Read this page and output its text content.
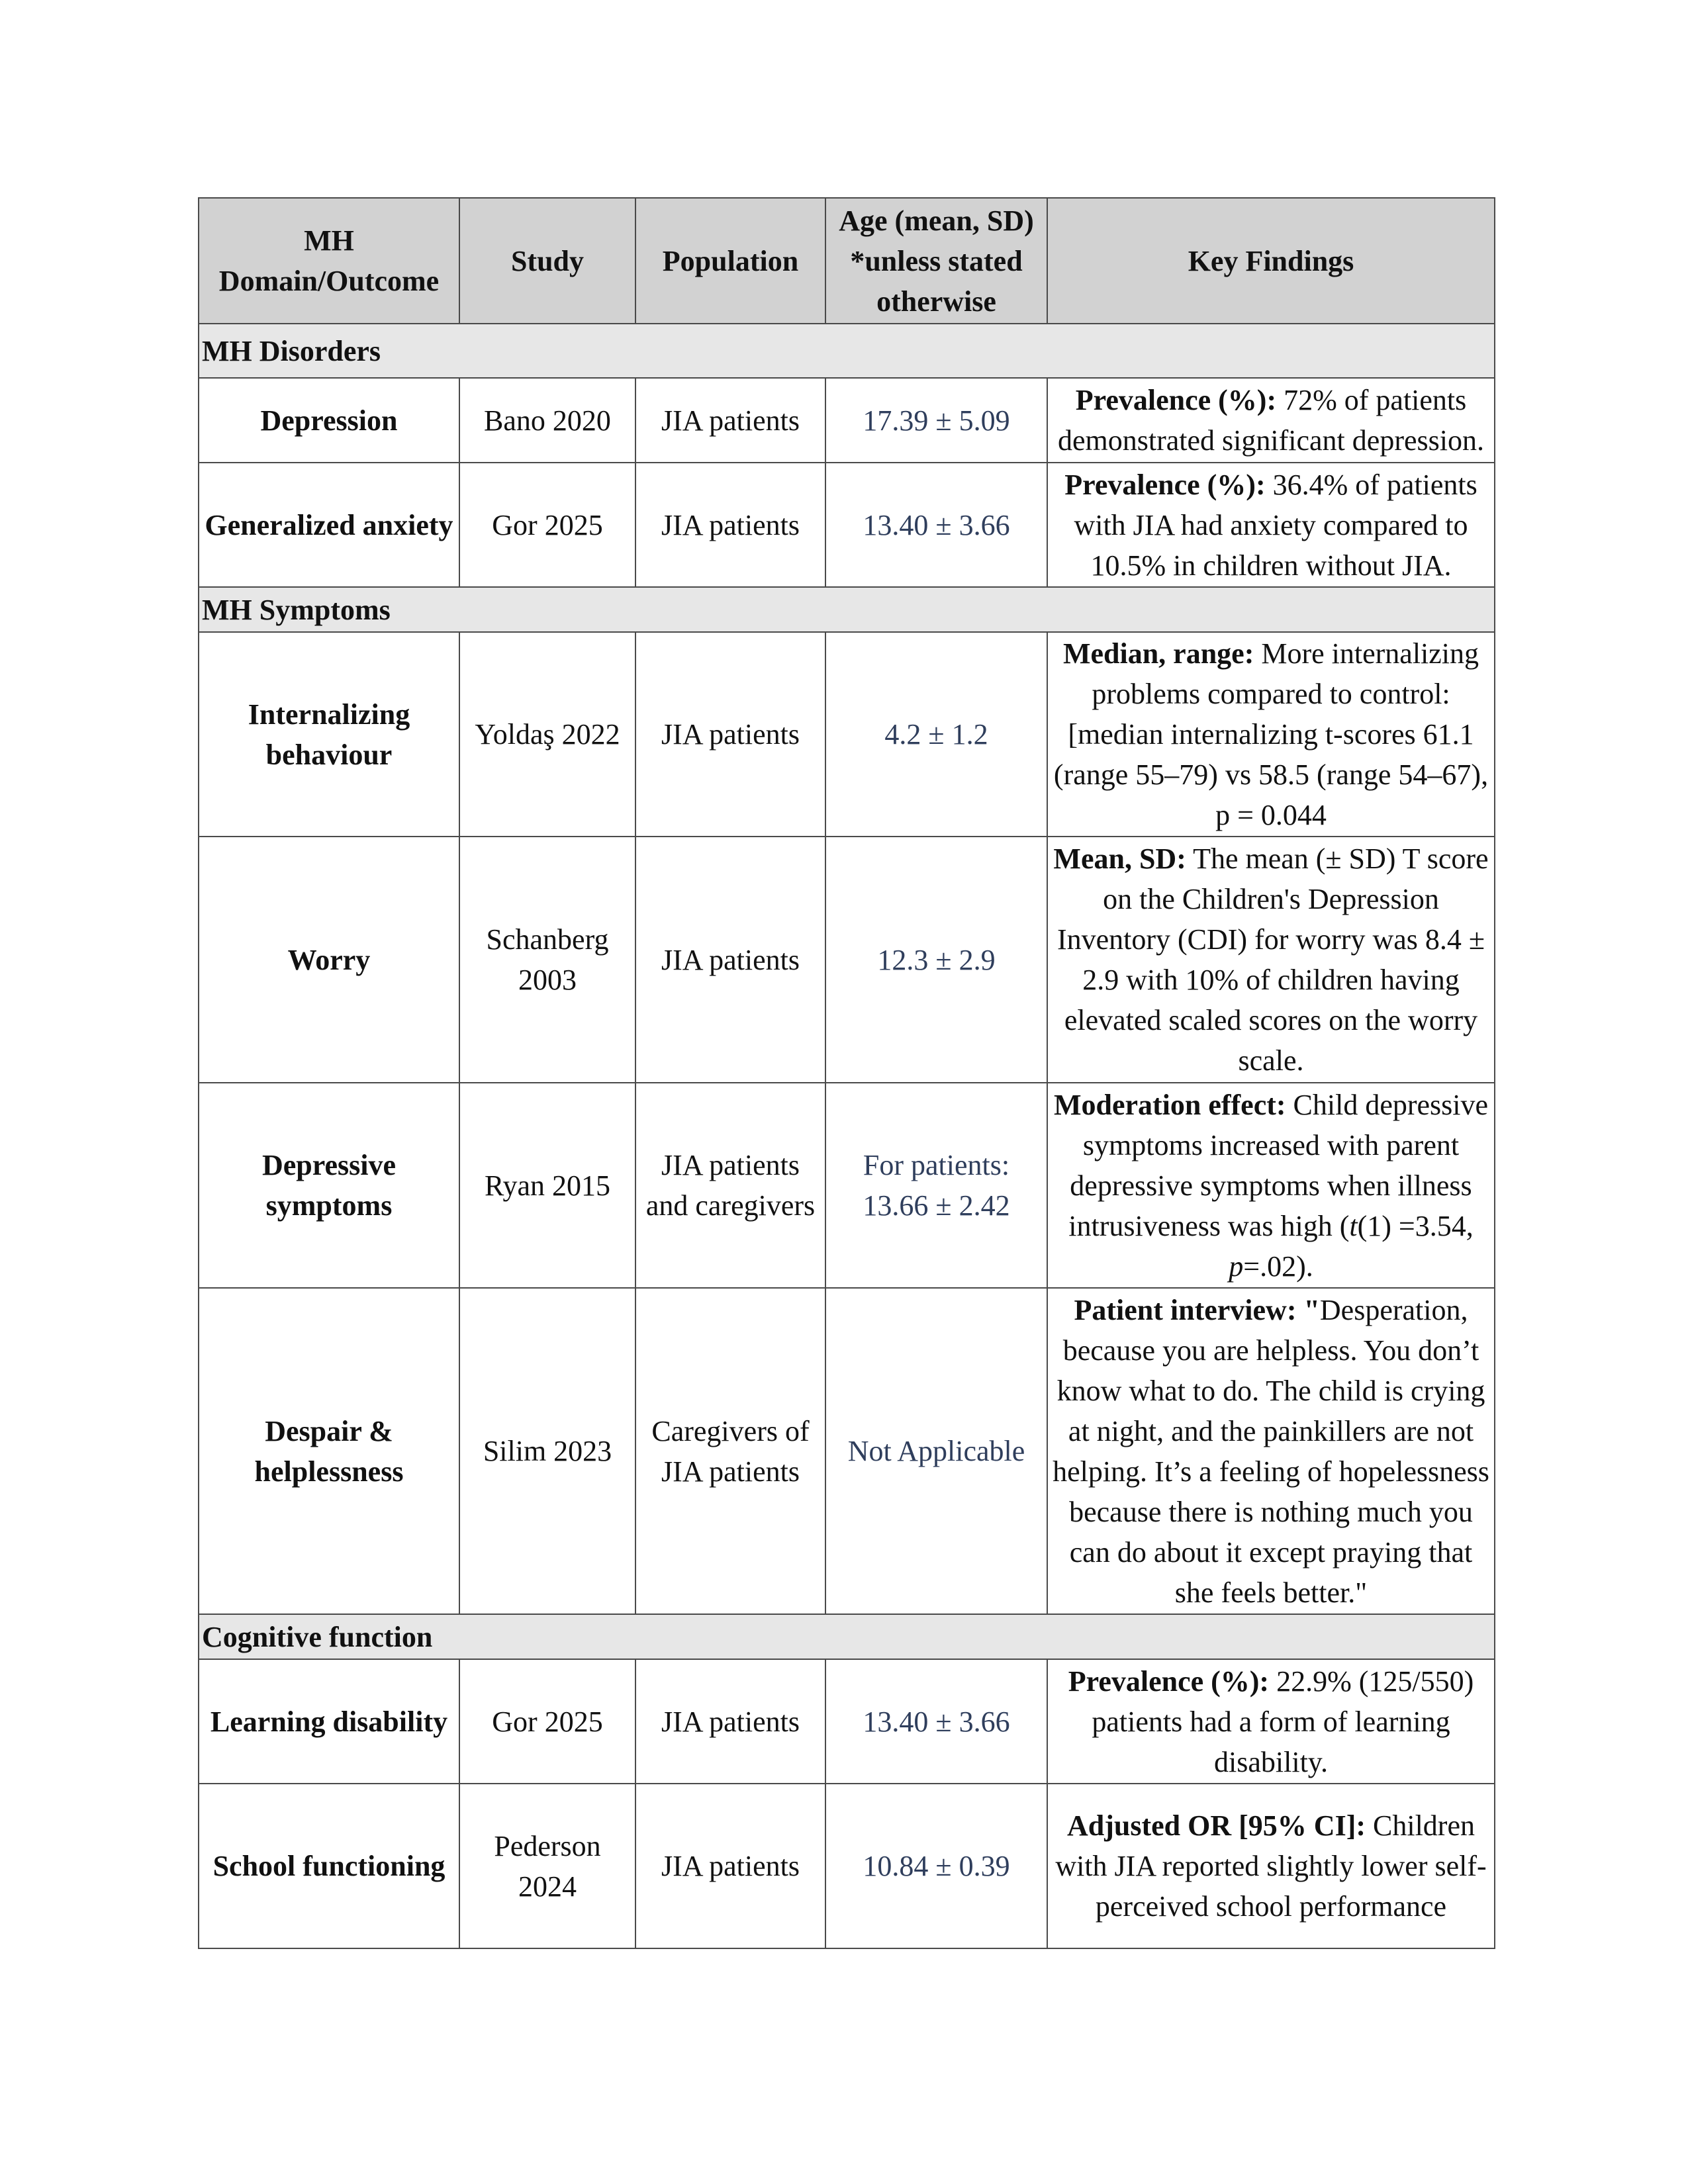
MH Domain/Outcome	Study	Population	Age (mean, SD) *unless stated otherwise	Key Findings
MH Disorders				
Depression	Bano 2020	JIA patients	17.39 ± 5.09	Prevalence (%): 72% of patients demonstrated significant depression.
Generalized anxiety	Gor 2025	JIA patients	13.40 ± 3.66	Prevalence (%): 36.4% of patients with JIA had anxiety compared to 10.5% in children without JIA.
MH Symptoms				
Internalizing behaviour	Yoldaş 2022	JIA patients	4.2 ± 1.2	Median, range: More internalizing problems compared to control: [median internalizing t-scores 61.1 (range 55–79) vs 58.5 (range 54–67), p = 0.044
Worry	Schanberg 2003	JIA patients	12.3 ± 2.9	Mean, SD: The mean (± SD) T score on the Children's Depression Inventory (CDI) for worry was 8.4 ± 2.9 with 10% of children having elevated scaled scores on the worry scale.
Depressive symptoms	Ryan 2015	JIA patients and caregivers	For patients: 13.66 ± 2.42	Moderation effect: Child depressive symptoms increased with parent depressive symptoms when illness intrusiveness was high (t(1) =3.54, p=.02).
Despair & helplessness	Silim 2023	Caregivers of JIA patients	Not Applicable	Patient interview: "Desperation, because you are helpless. You don’t know what to do. The child is crying at night, and the painkillers are not helping. It’s a feeling of hopelessness because there is nothing much you can do about it except praying that she feels better."
Cognitive function				
Learning disability	Gor 2025	JIA patients	13.40 ± 3.66	Prevalence (%): 22.9% (125/550) patients had a form of learning disability.
School functioning	Pederson 2024	JIA patients	10.84 ± 0.39	Adjusted OR [95% CI]: Children with JIA reported slightly lower self-perceived school performance
